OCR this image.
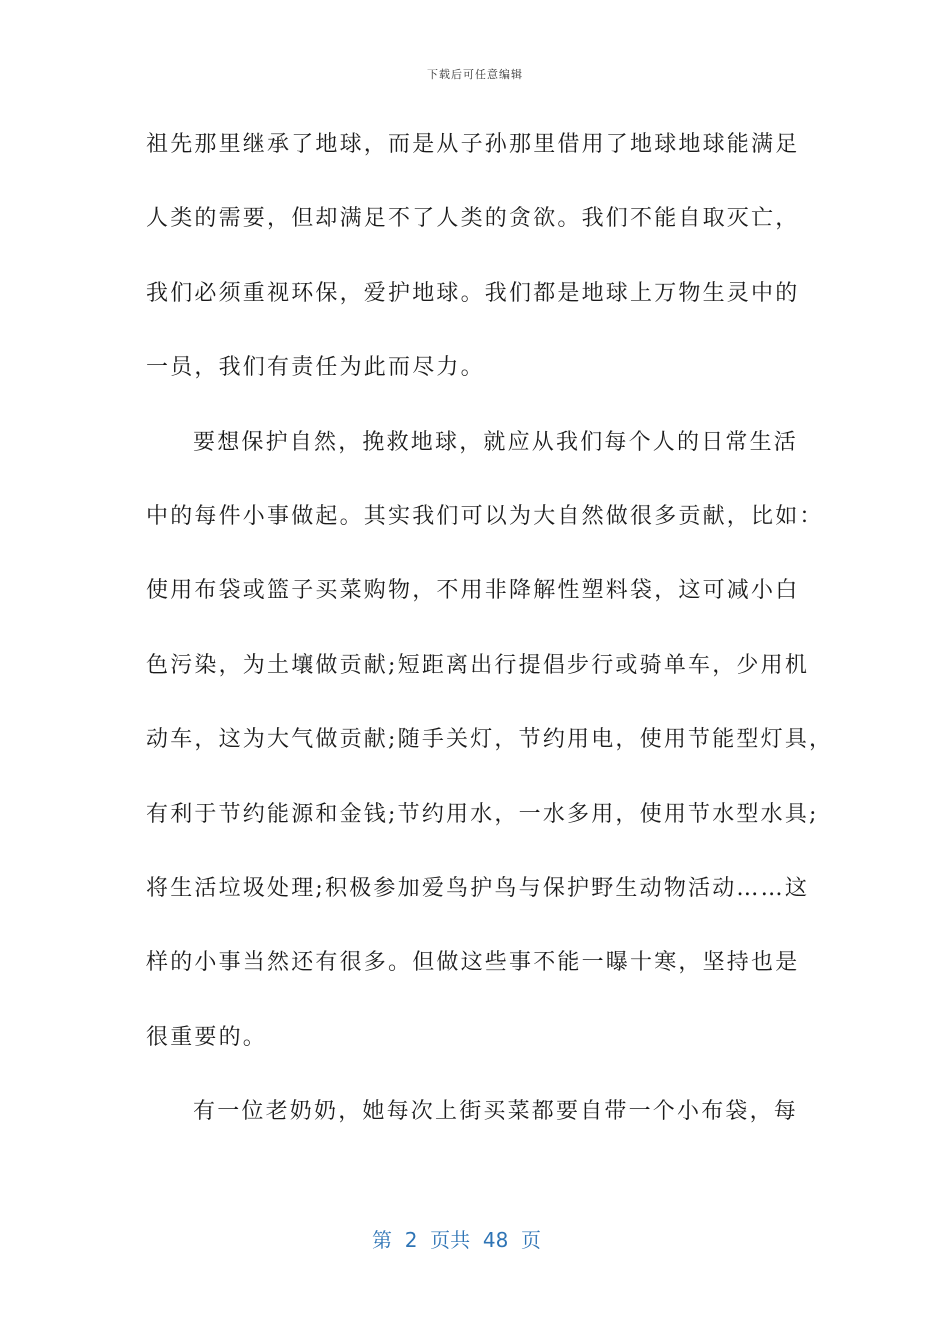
下载后可任意编辑
祖先那里继承了地球，而是从子孙那里借用了地球地球能满足
人类的需要，但却满足不了人类的贪欲。我们不能自取灭亡，
我们必须重视环保，爱护地球。我们都是地球上万物生灵中的
一员，我们有责任为此而尽力。
要想保护自然，挽救地球，就应从我们每个人的日常生活
中的每件小事做起。其实我们可以为大自然做很多贡献，比如：
使用布袋或篮子买菜购物，不用非降解性塑料袋，这可减小白
色污染，为土壤做贡献;短距离出行提倡步行或骑单车，少用机
动车，这为大气做贡献;随手关灯，节约用电，使用节能型灯具，
有利于节约能源和金钱;节约用水，一水多用，使用节水型水具;
将生活垃圾处理;积极参加爱鸟护鸟与保护野生动物活动……这
样的小事当然还有很多。但做这些事不能一曝十寒，坚持也是
很重要的。
有一位老奶奶，她每次上街买菜都要自带一个小布袋，每
第  2  页共  48  页
